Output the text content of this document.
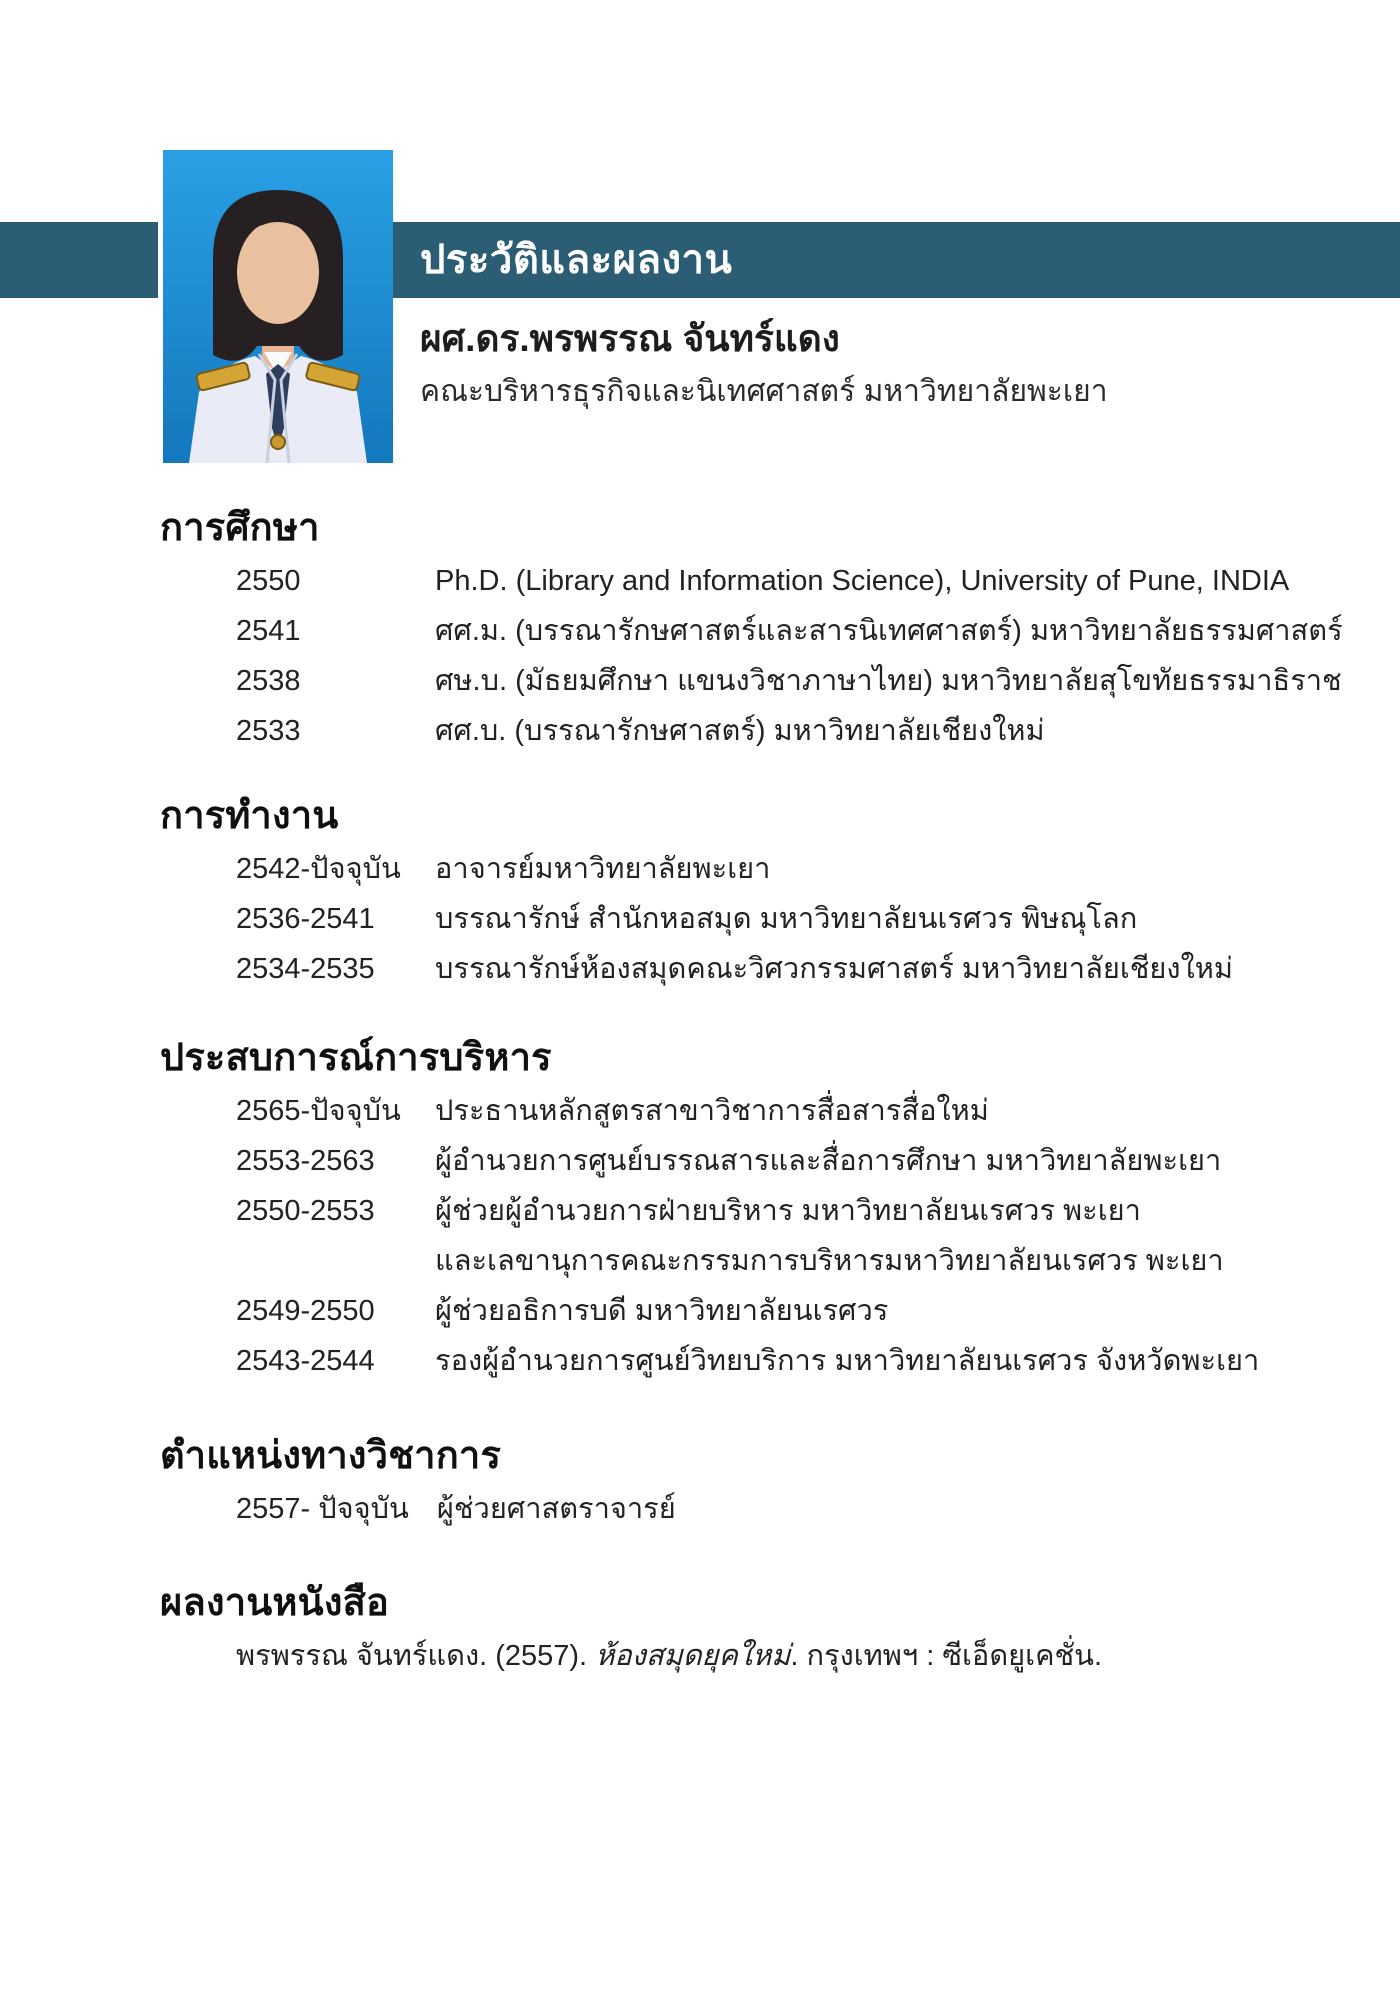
ประวัติและผลงาน
ผศ.ดร.พรพรรณ จันทร์แดง
คณะบริหารธุรกิจและนิเทศศาสตร์ มหาวิทยาลัยพะเยา
การศึกษา
2550	Ph.D. (Library and Information Science), University of Pune, INDIA
2541	ศศ.ม. (บรรณารักษศาสตร์และสารนิเทศศาสตร์) มหาวิทยาลัยธรรมศาสตร์
2538	ศษ.บ. (มัธยมศึกษา แขนงวิชาภาษาไทย) มหาวิทยาลัยสุโขทัยธรรมาธิราช
2533	ศศ.บ. (บรรณารักษศาสตร์) มหาวิทยาลัยเชียงใหม่
การทำงาน
2542-ปัจจุบัน	อาจารย์มหาวิทยาลัยพะเยา
2536-2541	บรรณารักษ์ สำนักหอสมุด มหาวิทยาลัยนเรศวร พิษณุโลก
2534-2535	บรรณารักษ์ห้องสมุดคณะวิศวกรรมศาสตร์ มหาวิทยาลัยเชียงใหม่
ประสบการณ์การบริหาร
2565-ปัจจุบัน	ประธานหลักสูตรสาขาวิชาการสื่อสารสื่อใหม่
2553-2563	ผู้อำนวยการศูนย์บรรณสารและสื่อการศึกษา มหาวิทยาลัยพะเยา
2550-2553	ผู้ช่วยผู้อำนวยการฝ่ายบริหาร มหาวิทยาลัยนเรศวร พะเยา
และเลขานุการคณะกรรมการบริหารมหาวิทยาลัยนเรศวร พะเยา
2549-2550	ผู้ช่วยอธิการบดี มหาวิทยาลัยนเรศวร
2543-2544	รองผู้อำนวยการศูนย์วิทยบริการ มหาวิทยาลัยนเรศวร จังหวัดพะเยา
ตำแหน่งทางวิชาการ
2557- ปัจจุบัน ผู้ช่วยศาสตราจารย์
ผลงานหนังสือ

พรพรรณ จันทร์แดง. (2557). ห้องสมุดยุคใหม่. กรุงเทพฯ : ซีเอ็ดยูเคชั่น.
